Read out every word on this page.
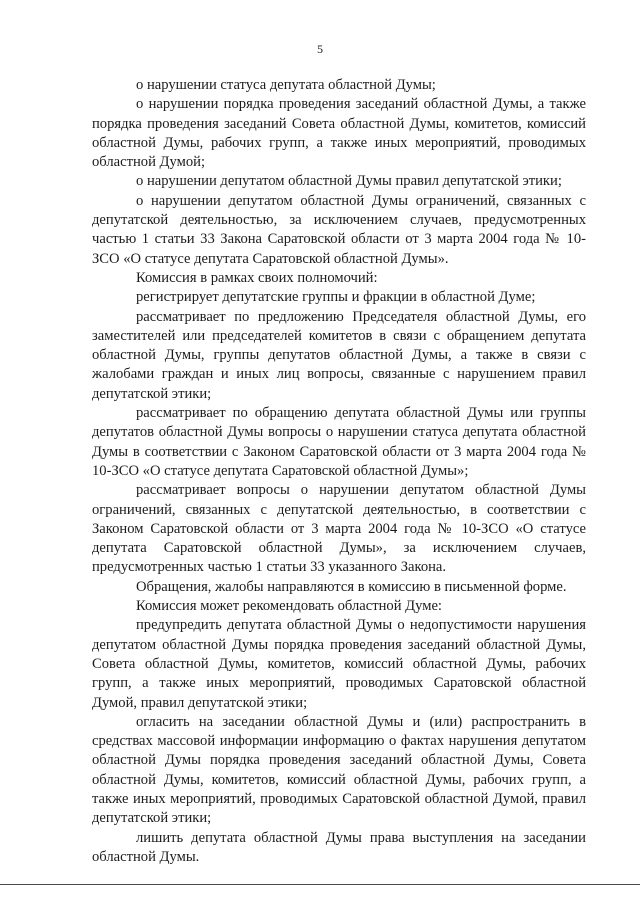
5

о нарушении статуса депутата областной Думы;

о нарушении порядка проведения заседаний областной Думы, а также порядка проведения заседаний Совета областной Думы, комитетов, комиссий областной Думы, рабочих групп, а также иных мероприятий, проводимых областной Думой;

о нарушении депутатом областной Думы правил депутатской этики;

о нарушении депутатом областной Думы ограничений, связанных с депутатской деятельностью, за исключением случаев, предусмотренных частью 1 статьи 33 Закона Саратовской области от 3 марта 2004 года № 10-ЗСО «О статусе депутата Саратовской областной Думы».

Комиссия в рамках своих полномочий:

регистрирует депутатские группы и фракции в областной Думе;

рассматривает по предложению Председателя областной Думы, его заместителей или председателей комитетов в связи с обращением депутата областной Думы, группы депутатов областной Думы, а также в связи с жалобами граждан и иных лиц вопросы, связанные с нарушением правил депутатской этики;

рассматривает по обращению депутата областной Думы или группы депутатов областной Думы вопросы о нарушении статуса депутата областной Думы в соответствии с Законом Саратовской области от 3 марта 2004 года № 10-ЗСО «О статусе депутата Саратовской областной Думы»;

рассматривает вопросы о нарушении депутатом областной Думы ограничений, связанных с депутатской деятельностью, в соответствии с Законом Саратовской области от 3 марта 2004 года № 10-ЗСО «О статусе депутата Саратовской областной Думы», за исключением случаев, предусмотренных частью 1 статьи 33 указанного Закона.

Обращения, жалобы направляются в комиссию в письменной форме.

Комиссия может рекомендовать областной Думе:

предупредить депутата областной Думы о недопустимости нарушения депутатом областной Думы порядка проведения заседаний областной Думы, Совета областной Думы, комитетов, комиссий областной Думы, рабочих групп, а также иных мероприятий, проводимых Саратовской областной Думой, правил депутатской этики;

огласить на заседании областной Думы и (или) распространить в средствах массовой информации информацию о фактах нарушения депутатом областной Думы порядка проведения заседаний областной Думы, Совета областной Думы, комитетов, комиссий областной Думы, рабочих групп, а также иных мероприятий, проводимых Саратовской областной Думой, правил депутатской этики;

лишить депутата областной Думы права выступления на заседании областной Думы.
